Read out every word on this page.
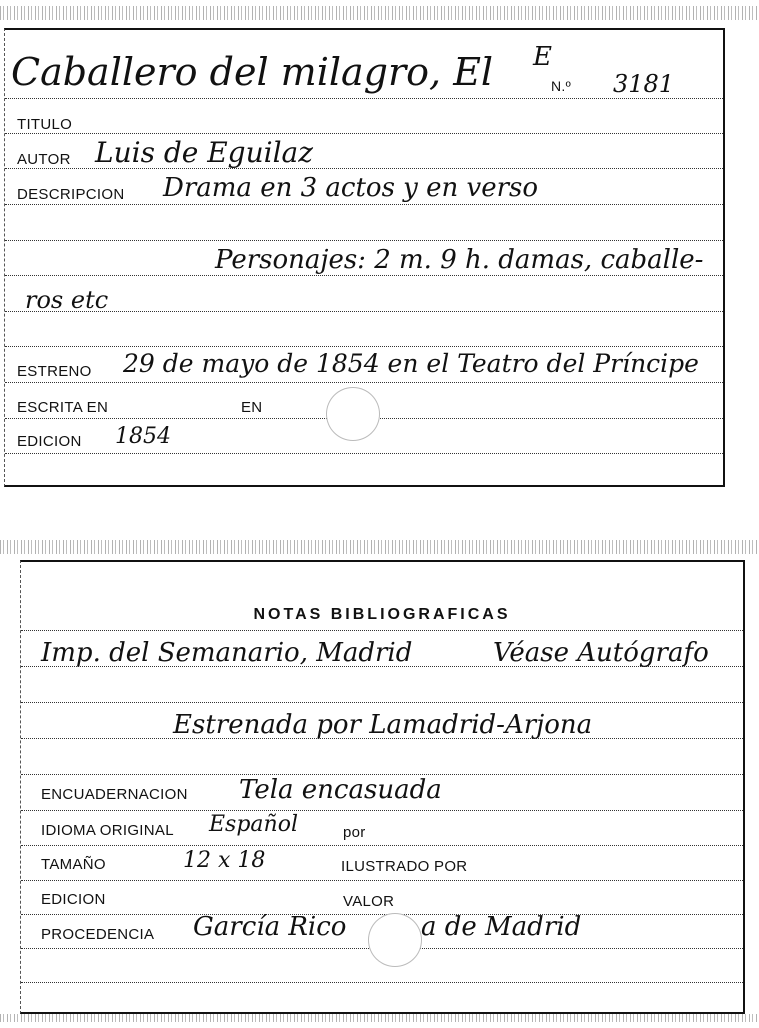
Caballero del milagro, El E
N.º 3181
TITULO
AUTOR Luis de Eguilaz
DESCRIPCION Drama en 3 actos y en verso
Personajes: 2 m. 9 h. damas, caballe-
ros etc
ESTRENO 29 de mayo de 1854 en el Teatro del Príncipe
ESCRITA EN	EN
EDICION 1854
NOTAS BIBLIOGRAFICAS
Imp. del Semanario, Madrid	Véase Autógrafo
Estrenada por Lamadrid-Arjona
ENCUADERNACION Tela encasuada
IDIOMA ORIGINAL Español	por
TAMAÑO	12 x 18	ILUSTRADO POR
EDICION	VALOR
PROCEDENCIA García Rico	a de Madrid
